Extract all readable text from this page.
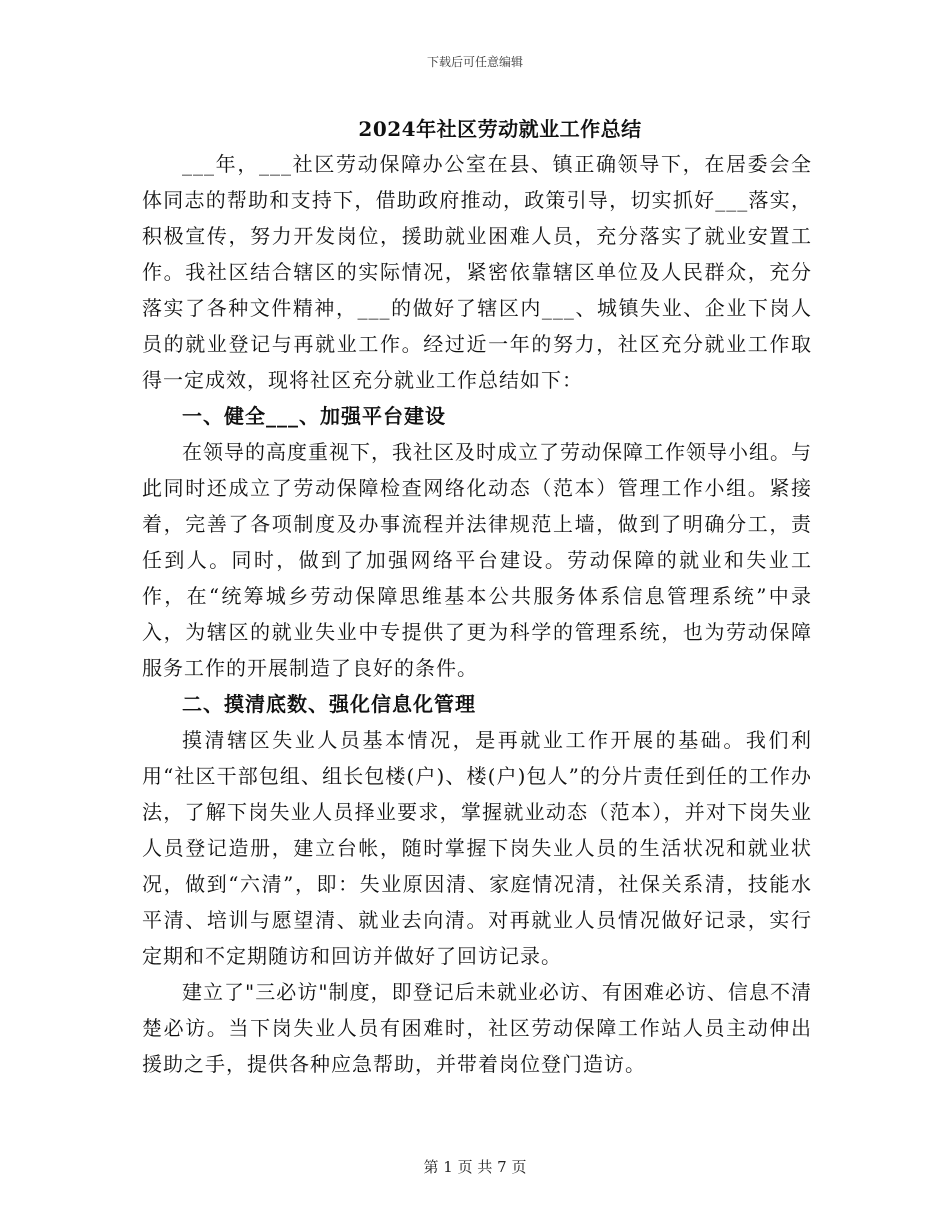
下载后可任意编辑
2024年社区劳动就业工作总结

___年，___社区劳动保障办公室在县、镇正确领导下，在居委会全体同志的帮助和支持下，借助政府推动，政策引导，切实抓好___落实，积极宣传，努力开发岗位，援助就业困难人员，充分落实了就业安置工作。我社区结合辖区的实际情况，紧密依靠辖区单位及人民群众，充分落实了各种文件精神，___的做好了辖区内___、城镇失业、企业下岗人员的就业登记与再就业工作。经过近一年的努力，社区充分就业工作取得一定成效，现将社区充分就业工作总结如下：

一、健全___、加强平台建设

在领导的高度重视下，我社区及时成立了劳动保障工作领导小组。与此同时还成立了劳动保障检查网络化动态（范本）管理工作小组。紧接着，完善了各项制度及办事流程并法律规范上墙，做到了明确分工，责任到人。同时，做到了加强网络平台建设。劳动保障的就业和失业工作，在“统筹城乡劳动保障思维基本公共服务体系信息管理系统”中录入，为辖区的就业失业中专提供了更为科学的管理系统，也为劳动保障服务工作的开展制造了良好的条件。

二、摸清底数、强化信息化管理

摸清辖区失业人员基本情况，是再就业工作开展的基础。我们利用“社区干部包组、组长包楼(户)、楼(户)包人”的分片责任到任的工作办法，了解下岗失业人员择业要求，掌握就业动态（范本），并对下岗失业人员登记造册，建立台帐，随时掌握下岗失业人员的生活状况和就业状况，做到“六清”，即：失业原因清、家庭情况清，社保关系清，技能水平清、培训与愿望清、就业去向清。对再就业人员情况做好记录，实行定期和不定期随访和回访并做好了回访记录。

建立了"三必访"制度，即登记后未就业必访、有困难必访、信息不清楚必访。当下岗失业人员有困难时，社区劳动保障工作站人员主动伸出援助之手，提供各种应急帮助，并带着岗位登门造访。

第 1 页 共 7 页
